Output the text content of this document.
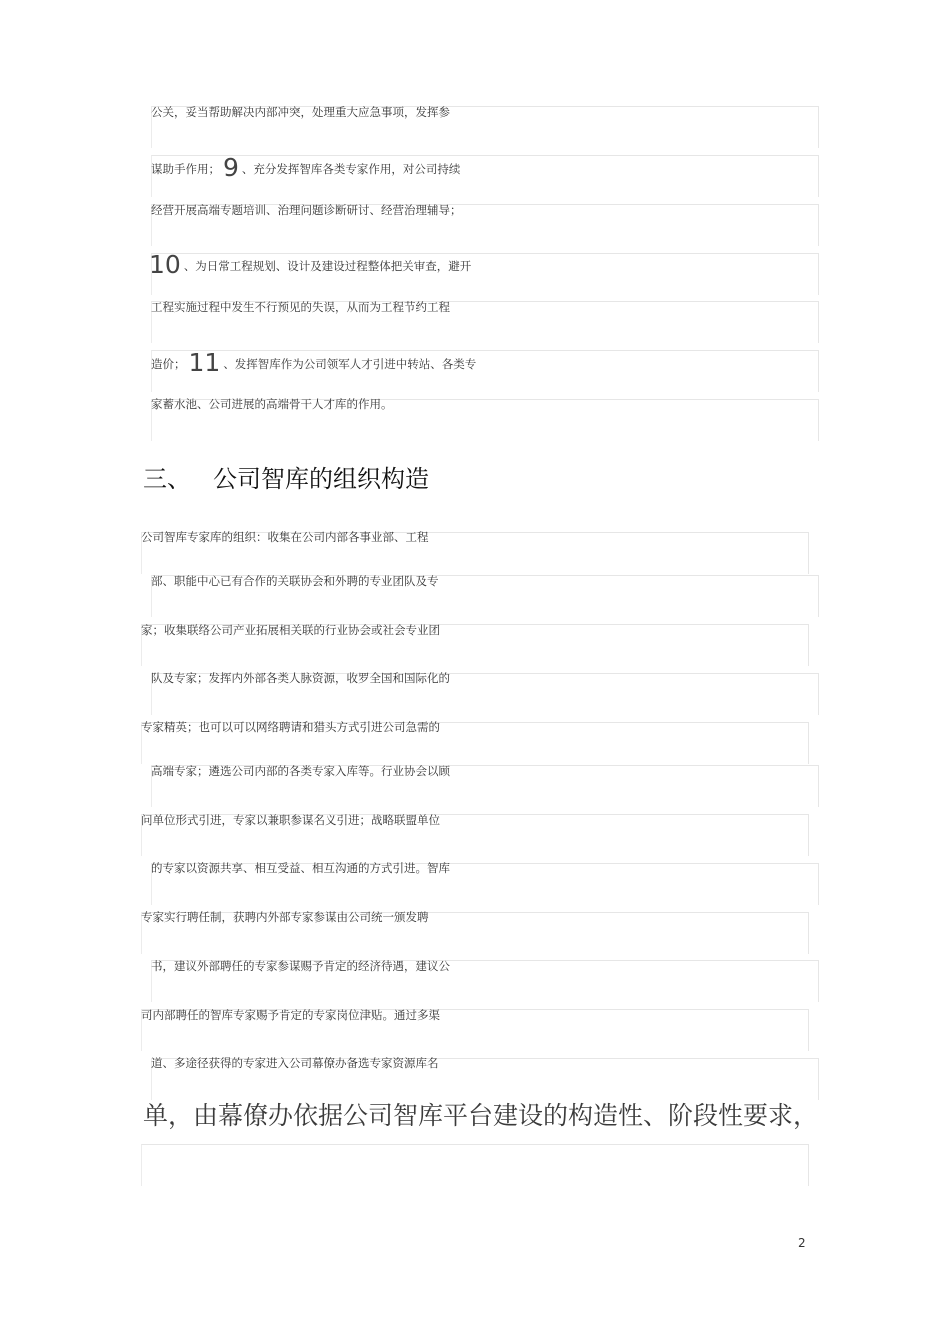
公关，妥当帮助解决内部冲突，处理重大应急事项，发挥参
谋助手作用； 9 、充分发挥智库各类专家作用，对公司持续
经营开展高端专题培训、治理问题诊断研讨、经营治理辅导；
10 、为日常工程规划、设计及建设过程整体把关审查，避开
工程实施过程中发生不行预见的失误，从而为工程节约工程
造价； 11 、发挥智库作为公司领军人才引进中转站、各类专
家蓄水池、公司进展的高端骨干人才库的作用。
三、 公司智库的组织构造
公司智库专家库的组织：收集在公司内部各事业部、工程
部、职能中心已有合作的关联协会和外聘的专业团队及专
家；收集联络公司产业拓展相关联的行业协会或社会专业团
队及专家；发挥内外部各类人脉资源，收罗全国和国际化的
专家精英；也可以可以网络聘请和猎头方式引进公司急需的
高端专家；遴选公司内部的各类专家入库等。行业协会以顾
问单位形式引进，专家以兼职参谋名义引进；战略联盟单位
的专家以资源共享、相互受益、相互沟通的方式引进。智库
专家实行聘任制，获聘内外部专家参谋由公司统一颁发聘
书，建议外部聘任的专家参谋赐予肯定的经济待遇，建议公
司内部聘任的智库专家赐予肯定的专家岗位津贴。通过多渠
道、多途径获得的专家进入公司幕僚办备选专家资源库名
单，由幕僚办依据公司智库平台建设的构造性、阶段性要求，
2
